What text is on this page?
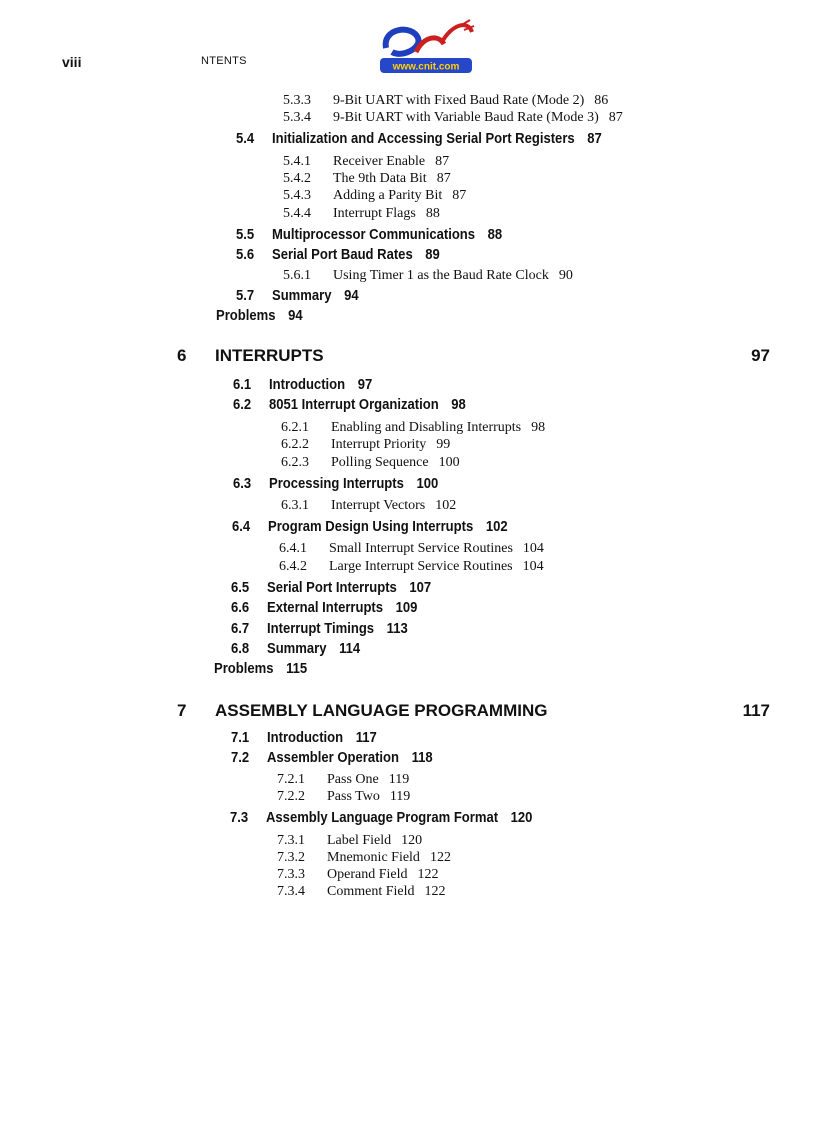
viii	NTENTS	www.cnit.com
5.3.3 9-Bit UART with Fixed Baud Rate (Mode 2) 86
5.3.4 9-Bit UART with Variable Baud Rate (Mode 3) 87
5.4 Initialization and Accessing Serial Port Registers 87
5.4.1 Receiver Enable 87
5.4.2 The 9th Data Bit 87
5.4.3 Adding a Parity Bit 87
5.4.4 Interrupt Flags 88
5.5 Multiprocessor Communications 88
5.6 Serial Port Baud Rates 89
5.6.1 Using Timer 1 as the Baud Rate Clock 90
5.7 Summary 94
Problems 94
6 INTERRUPTS	97
6.1 Introduction 97
6.2 8051 Interrupt Organization 98
6.2.1 Enabling and Disabling Interrupts 98
6.2.2 Interrupt Priority 99
6.2.3 Polling Sequence 100
6.3 Processing Interrupts 100
6.3.1 Interrupt Vectors 102
6.4 Program Design Using Interrupts 102
6.4.1 Small Interrupt Service Routines 104
6.4.2 Large Interrupt Service Routines 104
6.5 Serial Port Interrupts 107
6.6 External Interrupts 109
6.7 Interrupt Timings 113
6.8 Summary 114
Problems 115
7 ASSEMBLY LANGUAGE PROGRAMMING	117
7.1 Introduction 117
7.2 Assembler Operation 118
7.2.1 Pass One 119
7.2.2 Pass Two 119
7.3 Assembly Language Program Format 120
7.3.1 Label Field 120
7.3.2 Mnemonic Field 122
7.3.3 Operand Field 122
7.3.4 Comment Field 122
